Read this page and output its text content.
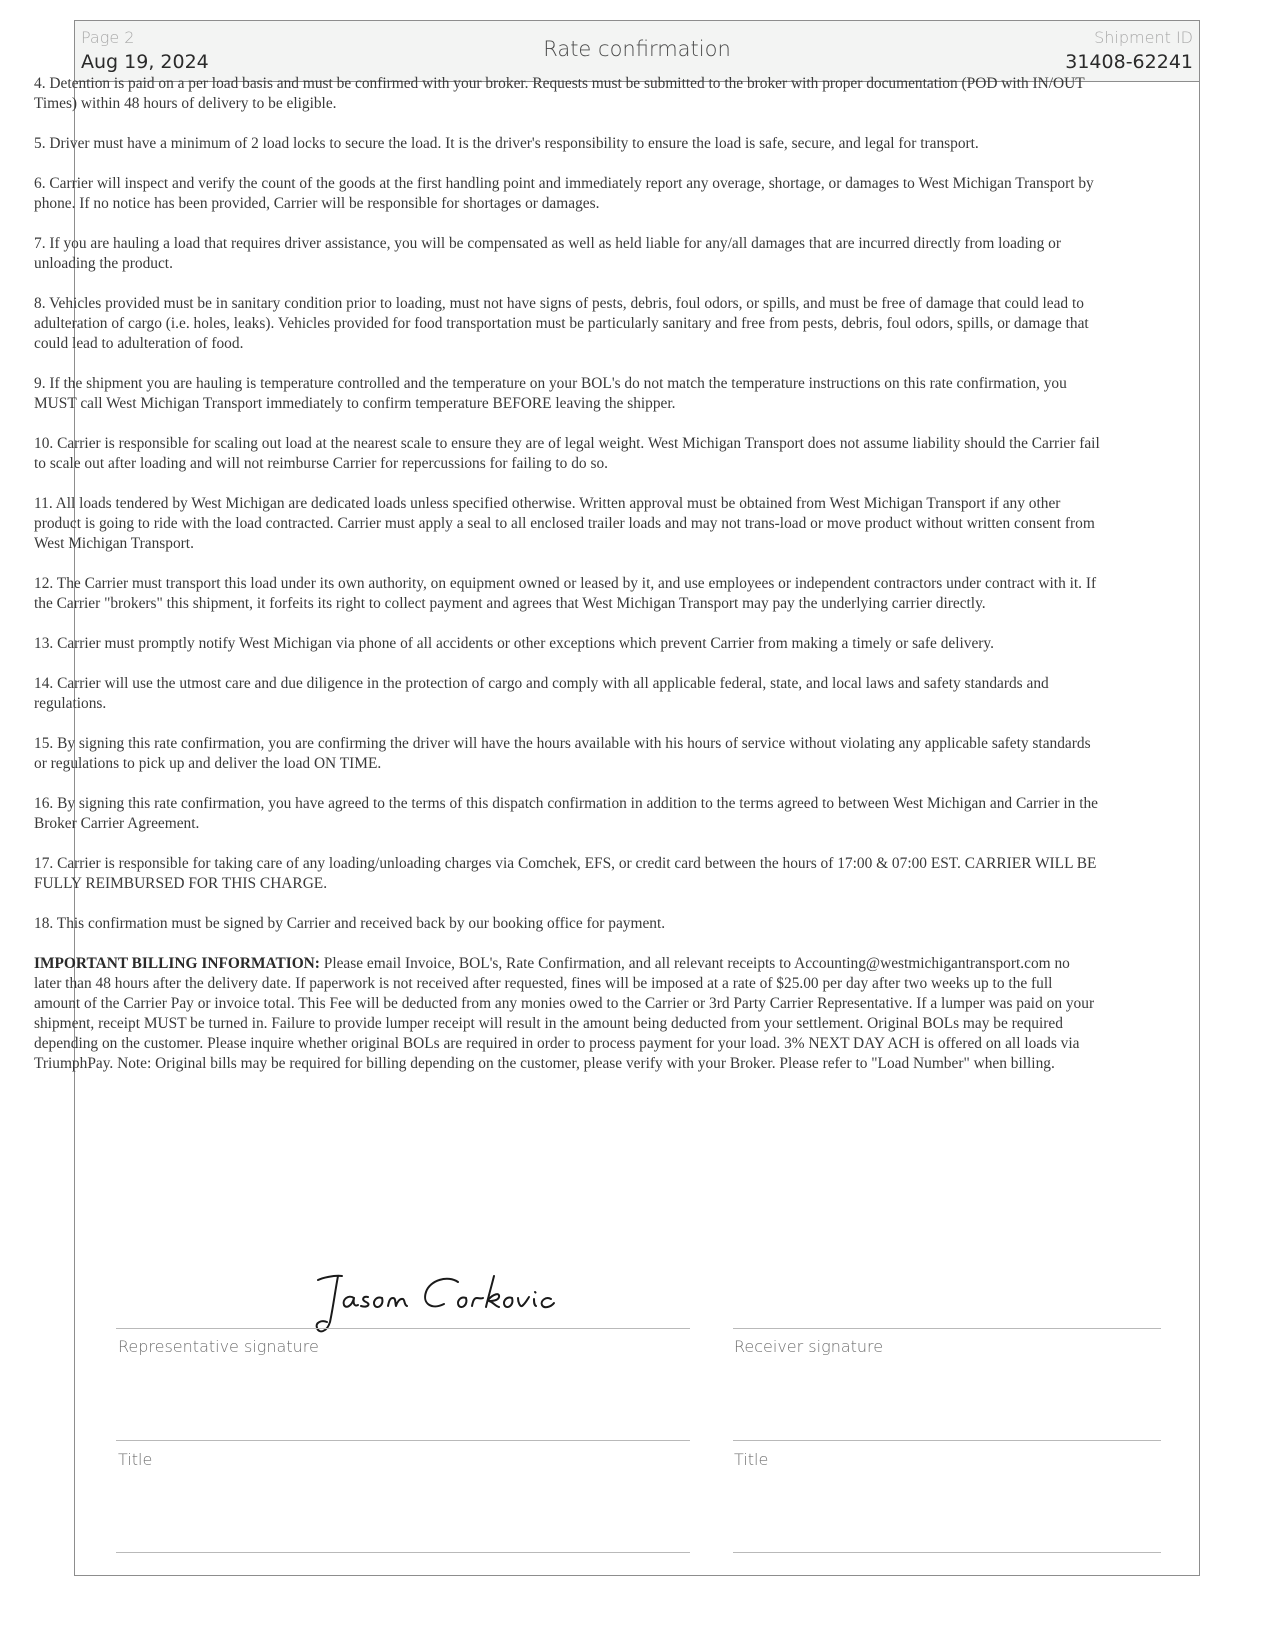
Page 2
Aug 19, 2024
Rate confirmation	Shipment ID
31408-62241

4. Detention is paid on a per load basis and must be confirmed with your broker. Requests must be submitted to the broker with proper documentation (POD with IN/OUT Times) within 48 hours of delivery to be eligible.

5. Driver must have a minimum of 2 load locks to secure the load. It is the driver's responsibility to ensure the load is safe, secure, and legal for transport.

6. Carrier will inspect and verify the count of the goods at the first handling point and immediately report any overage, shortage, or damages to West Michigan Transport by phone. If no notice has been provided, Carrier will be responsible for shortages or damages.

7. If you are hauling a load that requires driver assistance, you will be compensated as well as held liable for any/all damages that are incurred directly from loading or unloading the product.

8. Vehicles provided must be in sanitary condition prior to loading, must not have signs of pests, debris, foul odors, or spills, and must be free of damage that could lead to adulteration of cargo (i.e. holes, leaks). Vehicles provided for food transportation must be particularly sanitary and free from pests, debris, foul odors, spills, or damage that could lead to adulteration of food.

9. If the shipment you are hauling is temperature controlled and the temperature on your BOL's do not match the temperature instructions on this rate confirmation, you MUST call West Michigan Transport immediately to confirm temperature BEFORE leaving the shipper.

10. Carrier is responsible for scaling out load at the nearest scale to ensure they are of legal weight. West Michigan Transport does not assume liability should the Carrier fail to scale out after loading and will not reimburse Carrier for repercussions for failing to do so.

11. All loads tendered by West Michigan are dedicated loads unless specified otherwise. Written approval must be obtained from West Michigan Transport if any other product is going to ride with the load contracted. Carrier must apply a seal to all enclosed trailer loads and may not trans-load or move product without written consent from West Michigan Transport.

12. The Carrier must transport this load under its own authority, on equipment owned or leased by it, and use employees or independent contractors under contract with it. If the Carrier "brokers" this shipment, it forfeits its right to collect payment and agrees that West Michigan Transport may pay the underlying carrier directly.

13. Carrier must promptly notify West Michigan via phone of all accidents or other exceptions which prevent Carrier from making a timely or safe delivery.

14. Carrier will use the utmost care and due diligence in the protection of cargo and comply with all applicable federal, state, and local laws and safety standards and regulations.

15. By signing this rate confirmation, you are confirming the driver will have the hours available with his hours of service without violating any applicable safety standards or regulations to pick up and deliver the load ON TIME.

16. By signing this rate confirmation, you have agreed to the terms of this dispatch confirmation in addition to the terms agreed to between West Michigan and Carrier in the Broker Carrier Agreement.

17. Carrier is responsible for taking care of any loading/unloading charges via Comchek, EFS, or credit card between the hours of 17:00 & 07:00 EST. CARRIER WILL BE FULLY REIMBURSED FOR THIS CHARGE.

18. This confirmation must be signed by Carrier and received back by our booking office for payment.

IMPORTANT BILLING INFORMATION: Please email Invoice, BOL's, Rate Confirmation, and all relevant receipts to Accounting@westmichigantransport.com no later than 48 hours after the delivery date. If paperwork is not received after requested, fines will be imposed at a rate of $25.00 per day after two weeks up to the full amount of the Carrier Pay or invoice total. This Fee will be deducted from any monies owed to the Carrier or 3rd Party Carrier Representative. If a lumper was paid on your shipment, receipt MUST be turned in. Failure to provide lumper receipt will result in the amount being deducted from your settlement. Original BOLs may be required depending on the customer. Please inquire whether original BOLs are required in order to process payment for your load. 3% NEXT DAY ACH is offered on all loads via TriumphPay. Note: Original bills may be required for billing depending on the customer, please verify with your Broker. Please refer to "Load Number" when billing.

Representative signature	Receiver signature
Title	Title
